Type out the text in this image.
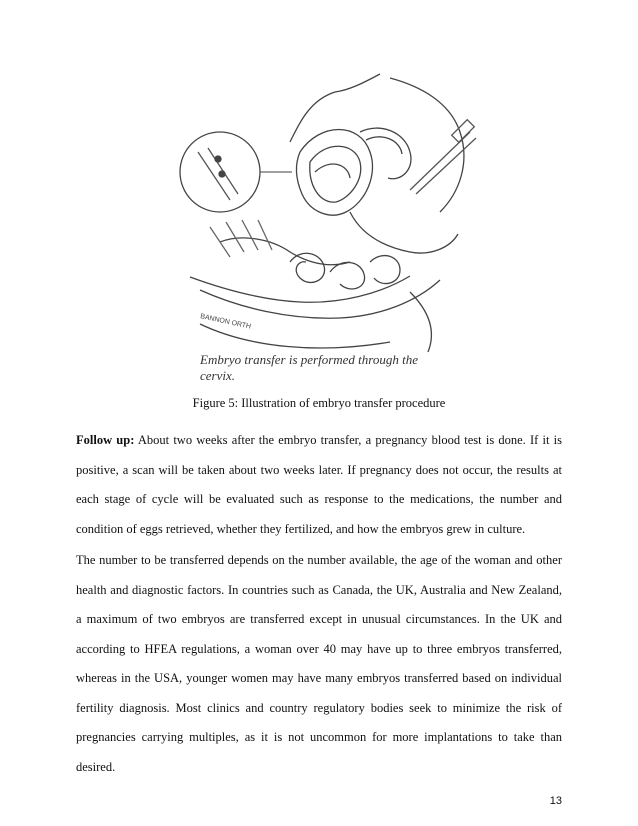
BANNON ORTH
Embryo transfer is performed through the cervix.
Figure 5: Illustration of embryo transfer procedure

Follow up: About two weeks after the embryo transfer, a pregnancy blood test is done. If it is positive, a scan will be taken about two weeks later. If pregnancy does not occur, the results at each stage of cycle will be evaluated such as response to the medications, the number and condition of eggs retrieved, whether they fertilized, and how the embryos grew in culture.

The number to be transferred depends on the number available, the age of the woman and other health and diagnostic factors. In countries such as Canada, the UK, Australia and New Zealand, a maximum of two embryos are transferred except in unusual circumstances. In the UK and according to HFEA regulations, a woman over 40 may have up to three embryos transferred, whereas in the USA, younger women may have many embryos transferred based on individual fertility diagnosis. Most clinics and country regulatory bodies seek to minimize the risk of pregnancies carrying multiples, as it is not uncommon for more implantations to take than desired.

13
